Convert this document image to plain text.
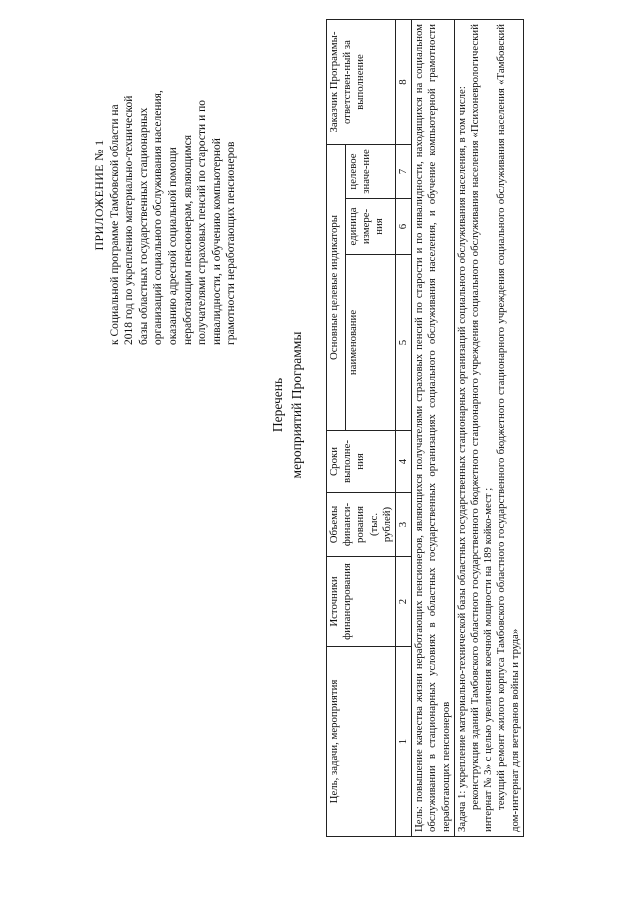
ПРИЛОЖЕНИЕ № 1 к Социальной программе Тамбовской области на 2018 год по укреплению материально-технической базы областных государственных стационарных организаций социального обслуживания населения, оказанию адресной социальной помощи неработающим пенсионерам, являющимся получателями страховых пенсий по старости и по инвалидности, и обучению компьютерной грамотности неработающих пенсионеров
Перечень мероприятий Программы
Цель, задачи, мероприятия	Источники финансирования	Объемы финанси-рования (тыс. рублей)	Сроки выполне-ния	Основные целевые индикаторы			Заказчик Программы-ответствен-ный за выполнение
				наименование	единица измере-ния	целевое значе-ние	
1	2	3	4	5	6	7	8
Цель: повышение качества жизни неработающих пенсионеров, являющихся получателями страховых пенсий по старости и по инвалидности, находящихся на социальном обслуживании в стационарных условиях в областных государственных организациях социального обслуживания населения, и обучение компьютерной грамотности неработающих пенсионеров							

Задача 1: укрепление материально-технической базы областных государственных стационарных организаций социального обслуживания населения, в том числе: реконструкция зданий Тамбовского областного государственного бюджетного стационарного учреждения социального обслуживания населения «Психоневрологический интернат № 3» с целью увеличения коечной мощности на 189 койко-мест ; текущий ремонт жилого корпуса Тамбовского областного государственного бюджетного стационарного учреждения социального обслуживания населения «Тамбовский дом-интернат для ветеранов войны и труда»							
